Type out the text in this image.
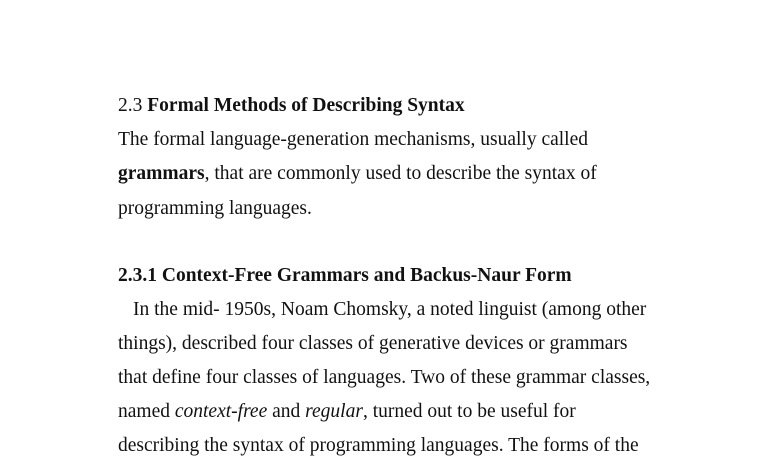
2.3 Formal Methods of Describing Syntax
The formal language-generation mechanisms, usually called
grammars, that are commonly used to describe the syntax of
programming languages.
2.3.1 Context-Free Grammars and Backus-Naur Form
In the mid- 1950s, Noam Chomsky, a noted linguist (among other
things), described four classes of generative devices or grammars
that define four classes of languages. Two of these grammar classes,
named context-free and regular, turned out to be useful for
describing the syntax of programming languages. The forms of the
